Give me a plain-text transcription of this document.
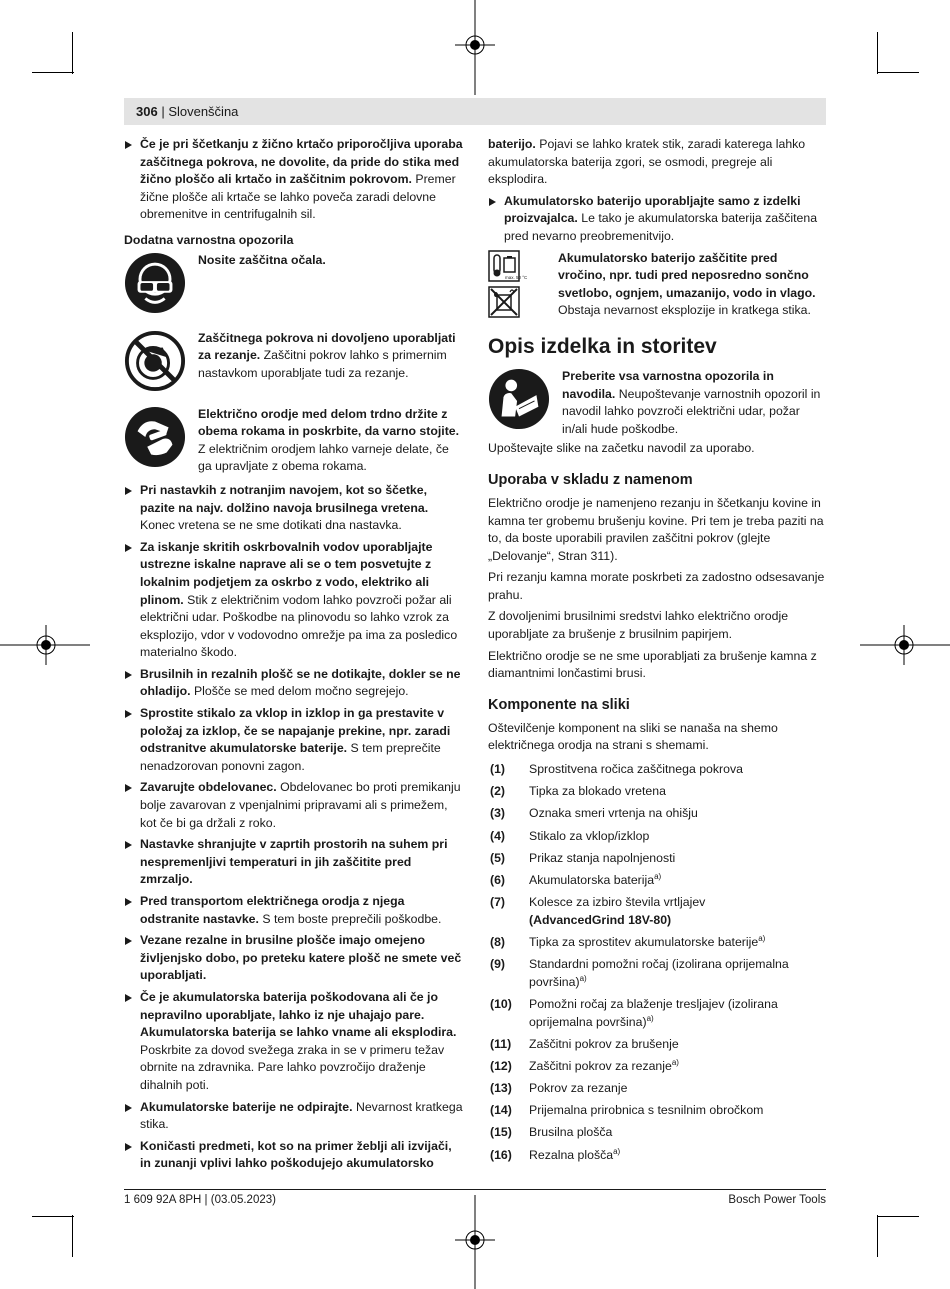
306 | Slovenščina
Če je pri ščetkanju z žično krtačo priporočljiva uporaba zaščitnega pokrova, ne dovolite, da pride do stika med žično ploščo ali krtačo in zaščitnim pokrovom. Premer žične plošče ali krtače se lahko poveča zaradi delovne obremenitve in centrifugalnih sil.
Dodatna varnostna opozorila
Nosite zaščitna očala.
Zaščitnega pokrova ni dovoljeno uporabljati za rezanje. Zaščitni pokrov lahko s primernim nastavkom uporabljate tudi za rezanje.
Električno orodje med delom trdno držite z obema rokama in poskrbite, da varno stojite. Z električnim orodjem lahko varneje delate, če ga upravljate z obema rokama.
Pri nastavkih z notranjim navojem, kot so ščetke, pazite na najv. dolžino navoja brusilnega vretena. Konec vretena se ne sme dotikati dna nastavka.
Za iskanje skritih oskrbovalnih vodov uporabljajte ustrezne iskalne naprave ali se o tem posvetujte z lokalnim podjetjem za oskrbo z vodo, elektriko ali plinom. Stik z električnim vodom lahko povzroči požar ali električni udar. Poškodbe na plinovodu so lahko vzrok za eksplozijo, vdor v vodovodno omrežje pa ima za posledico materialno škodo.
Brusilnih in rezalnih plošč se ne dotikajte, dokler se ne ohladijo. Plošče se med delom močno segrejejo.
Sprostite stikalo za vklop in izklop in ga prestavite v položaj za izklop, če se napajanje prekine, npr. zaradi odstranitve akumulatorske baterije. S tem preprečite nenadzorovan ponovni zagon.
Zavarujte obdelovanec. Obdelovanec bo proti premikanju bolje zavarovan z vpenjalnimi pripravami ali s primežem, kot če bi ga držali z roko.
Nastavke shranjujte v zaprtih prostorih na suhem pri nespremenljivi temperaturi in jih zaščitite pred zmrzaljo.
Pred transportom električnega orodja z njega odstranite nastavke. S tem boste preprečili poškodbe.
Vezane rezalne in brusilne plošče imajo omejeno življenjsko dobo, po preteku katere plošč ne smete več uporabljati.
Če je akumulatorska baterija poškodovana ali če jo nepravilno uporabljate, lahko iz nje uhajajo pare. Akumulatorska baterija se lahko vname ali eksplodira. Poskrbite za dovod svežega zraka in se v primeru težav obrnite na zdravnika. Pare lahko povzročijo draženje dihalnih poti.
Akumulatorske baterije ne odpirajte. Nevarnost kratkega stika.
Koničasti predmeti, kot so na primer žeblji ali izvijači, in zunanji vplivi lahko poškodujejo akumulatorsko
baterijo. Pojavi se lahko kratek stik, zaradi katerega lahko akumulatorska baterija zgori, se osmodi, pregreje ali eksplodira.
Akumulatorsko baterijo uporabljajte samo z izdelki proizvajalca. Le tako je akumulatorska baterija zaščitena pred nevarno preobremenitvijo.
max. 50 °C
Akumulatorsko baterijo zaščitite pred vročino, npr. tudi pred neposredno sončno svetlobo, ognjem, umazanijo, vodo in vlago. Obstaja nevarnost eksplozije in kratkega stika.
Opis izdelka in storitev
Preberite vsa varnostna opozorila in navodila. Neupoštevanje varnostnih opozoril in navodil lahko povzroči električni udar, požar in/ali hude poškodbe.
Upoštevajte slike na začetku navodil za uporabo.
Uporaba v skladu z namenom
Električno orodje je namenjeno rezanju in ščetkanju kovine in kamna ter grobemu brušenju kovine. Pri tem je treba paziti na to, da boste uporabili pravilen zaščitni pokrov (glejte „Delovanje“, Stran 311).
Pri rezanju kamna morate poskrbeti za zadostno odsesavanje prahu.
Z dovoljenimi brusilnimi sredstvi lahko električno orodje uporabljate za brušenje z brusilnim papirjem.
Električno orodje se ne sme uporabljati za brušenje kamna z diamantnimi lončastimi brusi.
Komponente na sliki
Oštevilčenje komponent na sliki se nanaša na shemo električnega orodja na strani s shemami.
(1)	Sprostitvena ročica zaščitnega pokrova
(2)	Tipka za blokado vretena
(3)	Oznaka smeri vrtenja na ohišju
(4)	Stikalo za vklop/izklop
(5)	Prikaz stanja napolnjenosti
(6)	Akumulatorska baterija$^{a)}$
(7)	Kolesce za izbiro števila vrtljajev
(AdvancedGrind 18V-80)
(8)	Tipka za sprostitev akumulatorske baterije$^{a)}$
(9)	Standardni pomožni ročaj (izolirana oprijemalna površina)$^{a)}$
(10)	Pomožni ročaj za blaženje tresljajev (izolirana oprijemalna površina)$^{a)}$
(11)	Zaščitni pokrov za brušenje
(12)	Zaščitni pokrov za rezanje$^{a)}$
(13)	Pokrov za rezanje
(14)	Prijemalna prirobnica s tesnilnim obročkom
(15)	Brusilna plošča
(16)	Rezalna plošča$^{a)}$
1 609 92A 8PH | (03.05.2023)	Bosch Power Tools
